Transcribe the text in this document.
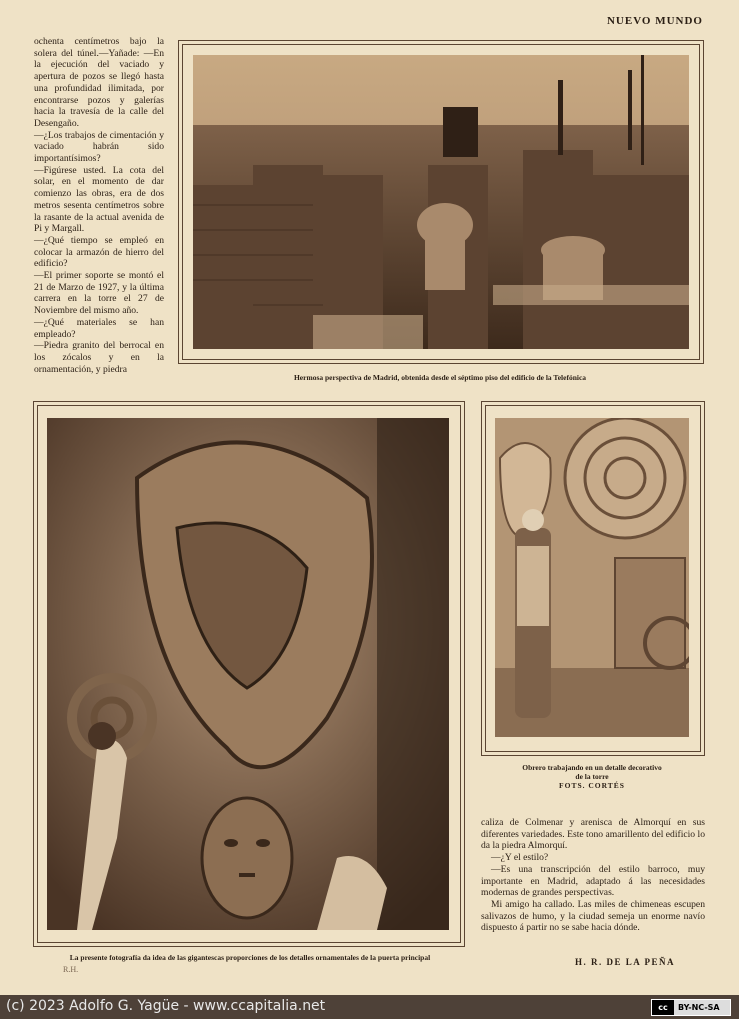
NUEVO MUNDO

ochenta centímetros bajo la solera del túnel.—Yañade: —En la ejecución del vaciado y apertura de pozos se llegó hasta una profundidad ilimitada, por encontrarse pozos y galerías hacia la travesía de la calle del Desengaño.

—¿Los trabajos de cimentación y vaciado habrán sido importantísimos?

—Figúrese usted. La cota del solar, en el momento de dar comienzo las obras, era de dos metros sesenta centímetros sobre la rasante de la actual avenida de Pi y Margall.

—¿Qué tiempo se empleó en colocar la armazón de hierro del edificio?

—El primer soporte se montó el 21 de Marzo de 1927, y la última carrera en la torre el 27 de Noviembre del mismo año.

—¿Qué materiales se han empleado?

—Piedra granito del berrocal en los zócalos y en la ornamentación, y piedra

Hermosa perspectiva de Madrid, obtenida desde el séptimo piso del edificio de la Telefónica
La presente fotografía da idea de las gigantescas proporciones de los detalles ornamentales de la puerta principal
R.H.
Obrero trabajando en un detalle decorativo
de la torre
FOTS. CORTÉS

caliza de Colmenar y arenisca de Almorquí en sus diferentes variedades. Este tono amarillento del edificio lo da la piedra Almorquí.

—¿Y el estilo?

—Es una transcripción del estilo barroco, muy importante en Madrid, adaptado á las necesidades modernas de grandes perspectivas.

Mi amigo ha callado. Las miles de chimeneas escupen salivazos de humo, y la ciudad semeja un enorme navío dispuesto á partir no se sabe hacia dónde.

H. R. DE LA PEÑA
(c) 2023 Adolfo G. Yagüe - www.ccapitalia.net	cc	BY-NC-SA
